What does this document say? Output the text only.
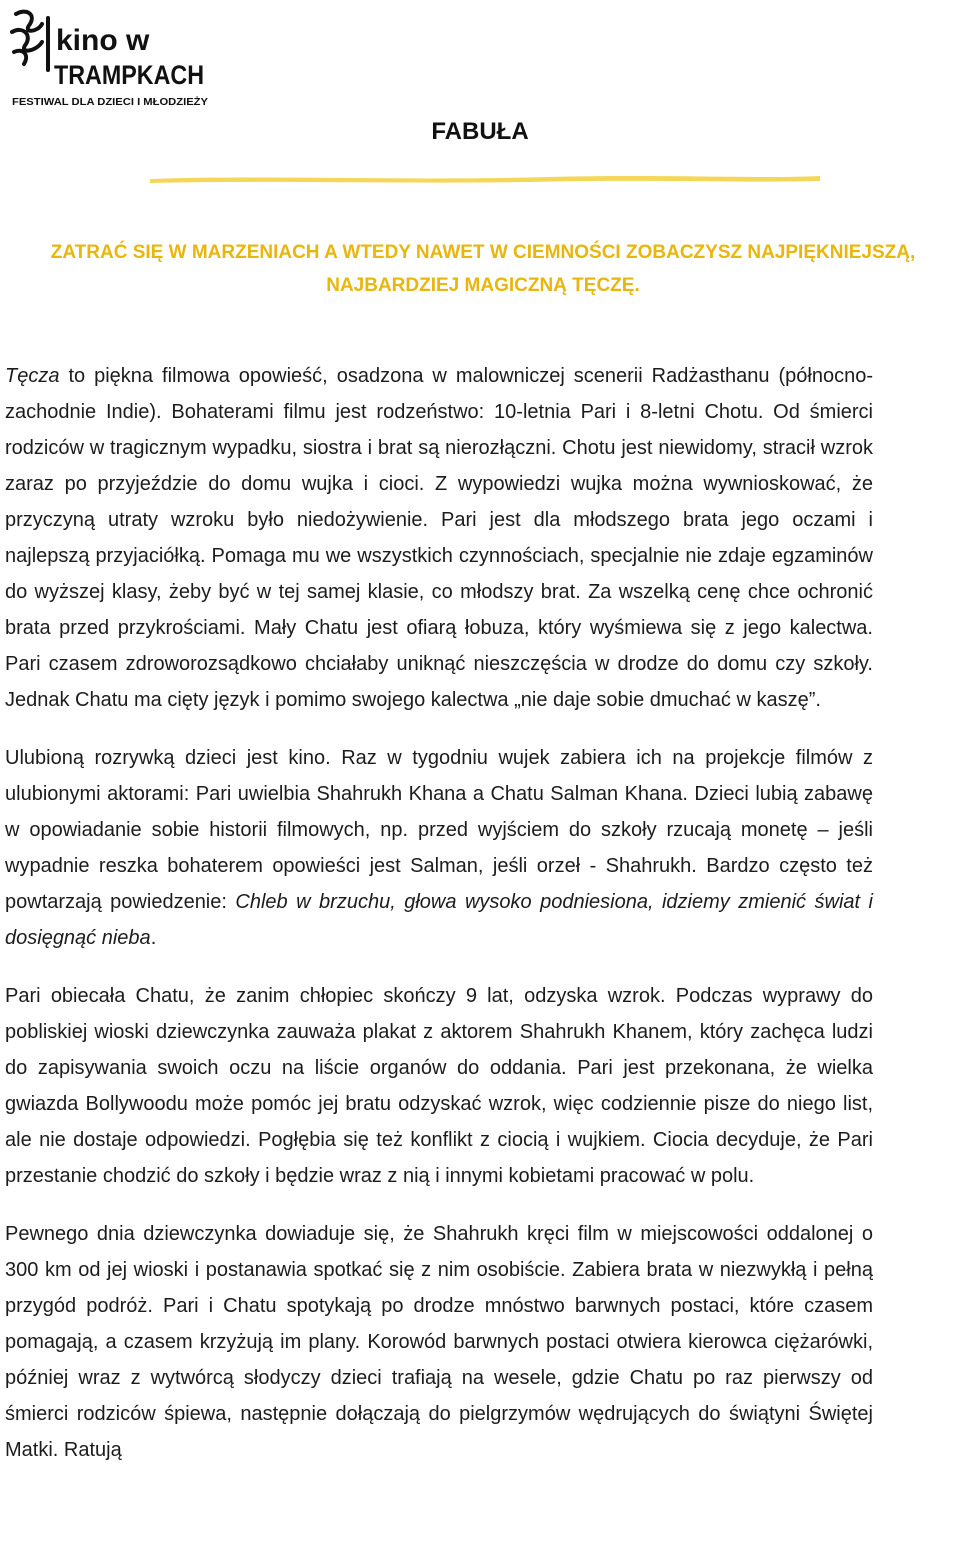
kino w
TRAMPKACH
FESTIWAL DLA DZIECI I MŁODZIEŻY
FABUŁA
ZATRAĆ SIĘ W MARZENIACH A WTEDY NAWET W CIEMNOŚCI ZOBACZYSZ NAJPIĘKNIEJSZĄ,
NAJBARDZIEJ MAGICZNĄ TĘCZĘ.

Tęcza to piękna filmowa opowieść, osadzona w malowniczej scenerii Radżasthanu (północno-zachodnie Indie). Bohaterami filmu jest rodzeństwo: 10-letnia Pari i 8-letni Chotu. Od śmierci rodziców w tragicznym wypadku, siostra i brat są nierozłączni. Chotu jest niewidomy, stracił wzrok zaraz po przyjeździe do domu wujka i cioci. Z wypowiedzi wujka można wywnioskować, że przyczyną utraty wzroku było niedożywienie. Pari jest dla młodszego brata jego oczami i najlepszą przyjaciółką. Pomaga mu we wszystkich czynnościach, specjalnie nie zdaje egzaminów do wyższej klasy, żeby być w tej samej klasie, co młodszy brat. Za wszelką cenę chce ochronić brata przed przykrościami. Mały Chatu jest ofiarą łobuza, który wyśmiewa się z jego kalectwa. Pari czasem zdroworozsądkowo chciałaby uniknąć nieszczęścia w drodze do domu czy szkoły. Jednak Chatu ma cięty język i pomimo swojego kalectwa „nie daje sobie dmuchać w kaszę”.

Ulubioną rozrywką dzieci jest kino. Raz w tygodniu wujek zabiera ich na projekcje filmów z ulubionymi aktorami: Pari uwielbia Shahrukh Khana a Chatu Salman Khana. Dzieci lubią zabawę w opowiadanie sobie historii filmowych, np. przed wyjściem do szkoły rzucają monetę – jeśli wypadnie reszka bohaterem opowieści jest Salman, jeśli orzeł - Shahrukh. Bardzo często też powtarzają powiedzenie: Chleb w brzuchu, głowa wysoko podniesiona, idziemy zmienić świat i dosięgnąć nieba.

Pari obiecała Chatu, że zanim chłopiec skończy 9 lat, odzyska wzrok. Podczas wyprawy do pobliskiej wioski dziewczynka zauważa plakat z aktorem Shahrukh Khanem, który zachęca ludzi do zapisywania swoich oczu na liście organów do oddania. Pari jest przekonana, że wielka gwiazda Bollywoodu może pomóc jej bratu odzyskać wzrok, więc codziennie pisze do niego list, ale nie dostaje odpowiedzi. Pogłębia się też konflikt z ciocią i wujkiem. Ciocia decyduje, że Pari przestanie chodzić do szkoły i będzie wraz z nią i innymi kobietami pracować w polu.

Pewnego dnia dziewczynka dowiaduje się, że Shahrukh kręci film w miejscowości oddalonej o 300 km od jej wioski i postanawia spotkać się z nim osobiście. Zabiera brata w niezwykłą i pełną przygód podróż. Pari i Chatu spotykają po drodze mnóstwo barwnych postaci, które czasem pomagają, a czasem krzyżują im plany. Korowód barwnych postaci otwiera kierowca ciężarówki, później wraz z wytwórcą słodyczy dzieci trafiają na wesele, gdzie Chatu po raz pierwszy od śmierci rodziców śpiewa, następnie dołączają do pielgrzymów wędrujących do świątyni Świętej Matki. Ratują
